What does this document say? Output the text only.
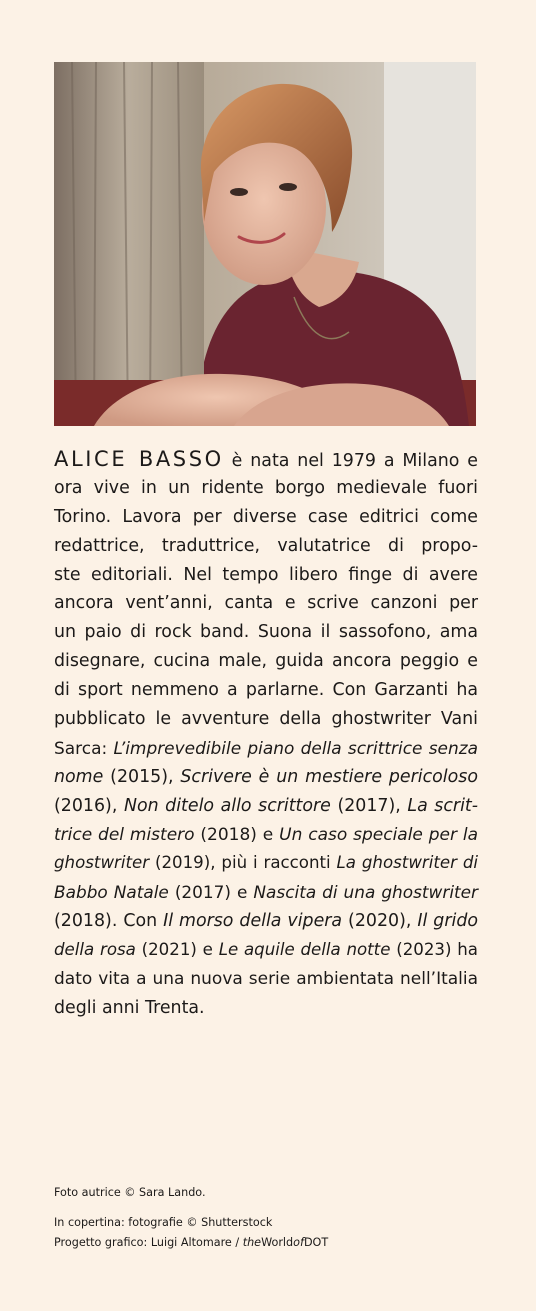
ALICE BASSO è nata nel 1979 a Milano e
ora vive in un ridente borgo medievale fuori
Torino. Lavora per diverse case editrici come
redattrice, traduttrice, valutatrice di propo-
ste editoriali. Nel tempo libero finge di avere
ancora vent’anni, canta e scrive canzoni per
un paio di rock band. Suona il sassofono, ama
disegnare, cucina male, guida ancora peggio e
di sport nemmeno a parlarne. Con Garzanti ha
pubblicato le avventure della ghostwriter Vani
Sarca: L’imprevedibile piano della scrittrice senza
nome (2015), Scrivere è un mestiere pericoloso
(2016), Non ditelo allo scrittore (2017), La scrit-
trice del mistero (2018) e Un caso speciale per la
ghostwriter (2019), più i racconti La ghostwriter di
Babbo Natale (2017) e Nascita di una ghostwriter
(2018). Con Il morso della vipera (2020), Il grido
della rosa (2021) e Le aquile della notte (2023) ha
dato vita a una nuova serie ambientata nell’Italia
degli anni Trenta.
Foto autrice © Sara Lando.
In copertina: fotografie © Shutterstock
Progetto grafico: Luigi Altomare / theWorldofDOT
